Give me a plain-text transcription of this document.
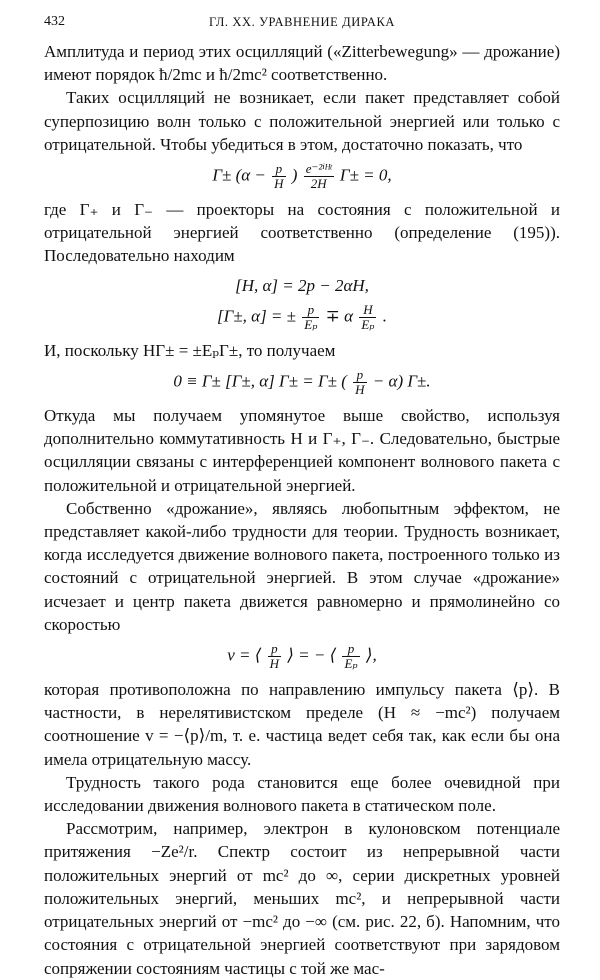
432	ГЛ. XX. УРАВНЕНИЕ ДИРАКА

Амплитуда и период этих осцилляций («Zitterbewegung» — дрожание) имеют порядок ħ/2mc и ħ/2mc² соответственно.

Таких осцилляций не возникает, если пакет представляет собой суперпозицию волн только с положительной энергией или только с отрицательной. Чтобы убедиться в этом, достаточно показать, что

$\Gamma\pm (\alpha - \frac{p}{H}$ ) $\frac{\text{e⁻²ⁱᴴᵗ}}{2H} \Gamma\pm = 0$,

где Γ₊ и Γ₋ — проекторы на состояния с положительной и отрицательной энергией соответственно (определение (195)). Последовательно находим

[H, α] = 2p − 2αH,
[Γ±, α] = ± $\frac{p}{\text{Eₚ}} \mp \alpha \frac{H}{\text{Eₚ}}$ .

И, поскольку HΓ± = ±EₚΓ±, то получаем

0 ≡ Γ± [Γ±, α] Γ± = Γ± ( $\frac{p}{H} - \alpha$) Γ±.

Откуда мы получаем упомянутое выше свойство, используя дополнительно коммутативность H и Γ₊, Γ₋. Следовательно, быстрые осцилляции связаны с интерференцией компонент волнового пакета с положительной и отрицательной энергией.

Собственно «дрожание», являясь любопытным эффектом, не представляет какой-либо трудности для теории. Трудность возникает, когда исследуется движение волнового пакета, построенного только из состояний с отрицательной энергией. В этом случае «дрожание» исчезает и центр пакета движется равномерно и прямолинейно со скоростью

v = ⟨ $\frac{p}{H}$ ⟩ = − ⟨ $\frac{p}{\text{Eₚ}}$ ⟩,

которая противоположна по направлению импульсу пакета ⟨p⟩. В частности, в нерелятивистском пределе (H ≈ −mc²) получаем соотношение v = −⟨p⟩/m, т. е. частица ведет себя так, как если бы она имела отрицательную массу.

Трудность такого рода становится еще более очевидной при исследовании движения волнового пакета в статическом поле.

Рассмотрим, например, электрон в кулоновском потенциале притяжения −Ze²/r. Спектр состоит из непрерывной части положительных энергий от mc² до ∞, серии дискретных уровней положительных энергий, меньших mc², и непрерывной части отрицательных энергий от −mc² до −∞ (см. рис. 22, б). Напомним, что состояния с отрицательной энергией соответствуют при зарядовом сопряжении состояниям частицы с той же мас-
